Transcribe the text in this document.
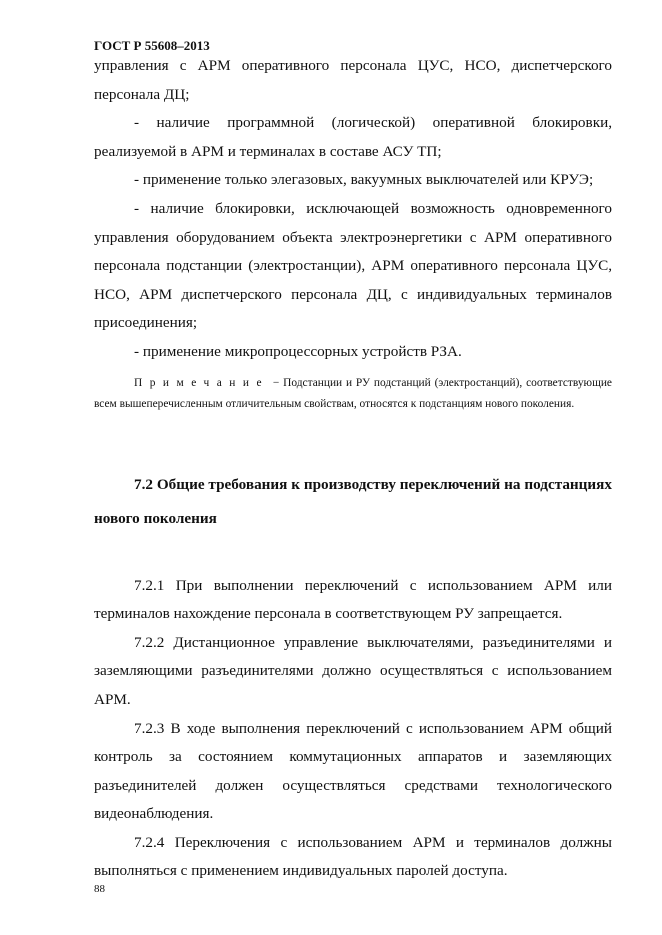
ГОСТ Р 55608–2013

управления с АРМ оперативного персонала ЦУС, НСО, диспетчерского персонала ДЦ;

- наличие программной (логической) оперативной блокировки, реализуемой в АРМ и терминалах в составе АСУ ТП;

- применение только элегазовых, вакуумных выключателей или КРУЭ;

- наличие блокировки, исключающей возможность одновременного управления оборудованием объекта электроэнергетики с АРМ оперативного персонала подстанции (электростанции), АРМ оперативного персонала ЦУС, НСО, АРМ диспетчерского персонала ДЦ, с индивидуальных терминалов присоединения;

- применение микропроцессорных устройств РЗА.

Примечание − Подстанции и РУ подстанций (электростанций), соответствующие всем вышеперечисленным отличительным свойствам, относятся к подстанциям нового поколения.

7.2 Общие требования к производству переключений на подстанциях нового поколения

7.2.1 При выполнении переключений с использованием АРМ или терминалов нахождение персонала в соответствующем РУ запрещается.

7.2.2 Дистанционное управление выключателями, разъединителями и заземляющими разъединителями должно осуществляться с использованием АРМ.

7.2.3 В ходе выполнения переключений с использованием АРМ общий контроль за состоянием коммутационных аппаратов и заземляющих разъединителей должен осуществляться средствами технологического видеонаблюдения.

7.2.4 Переключения с использованием АРМ и терминалов должны выполняться с применением индивидуальных паролей доступа.

88
